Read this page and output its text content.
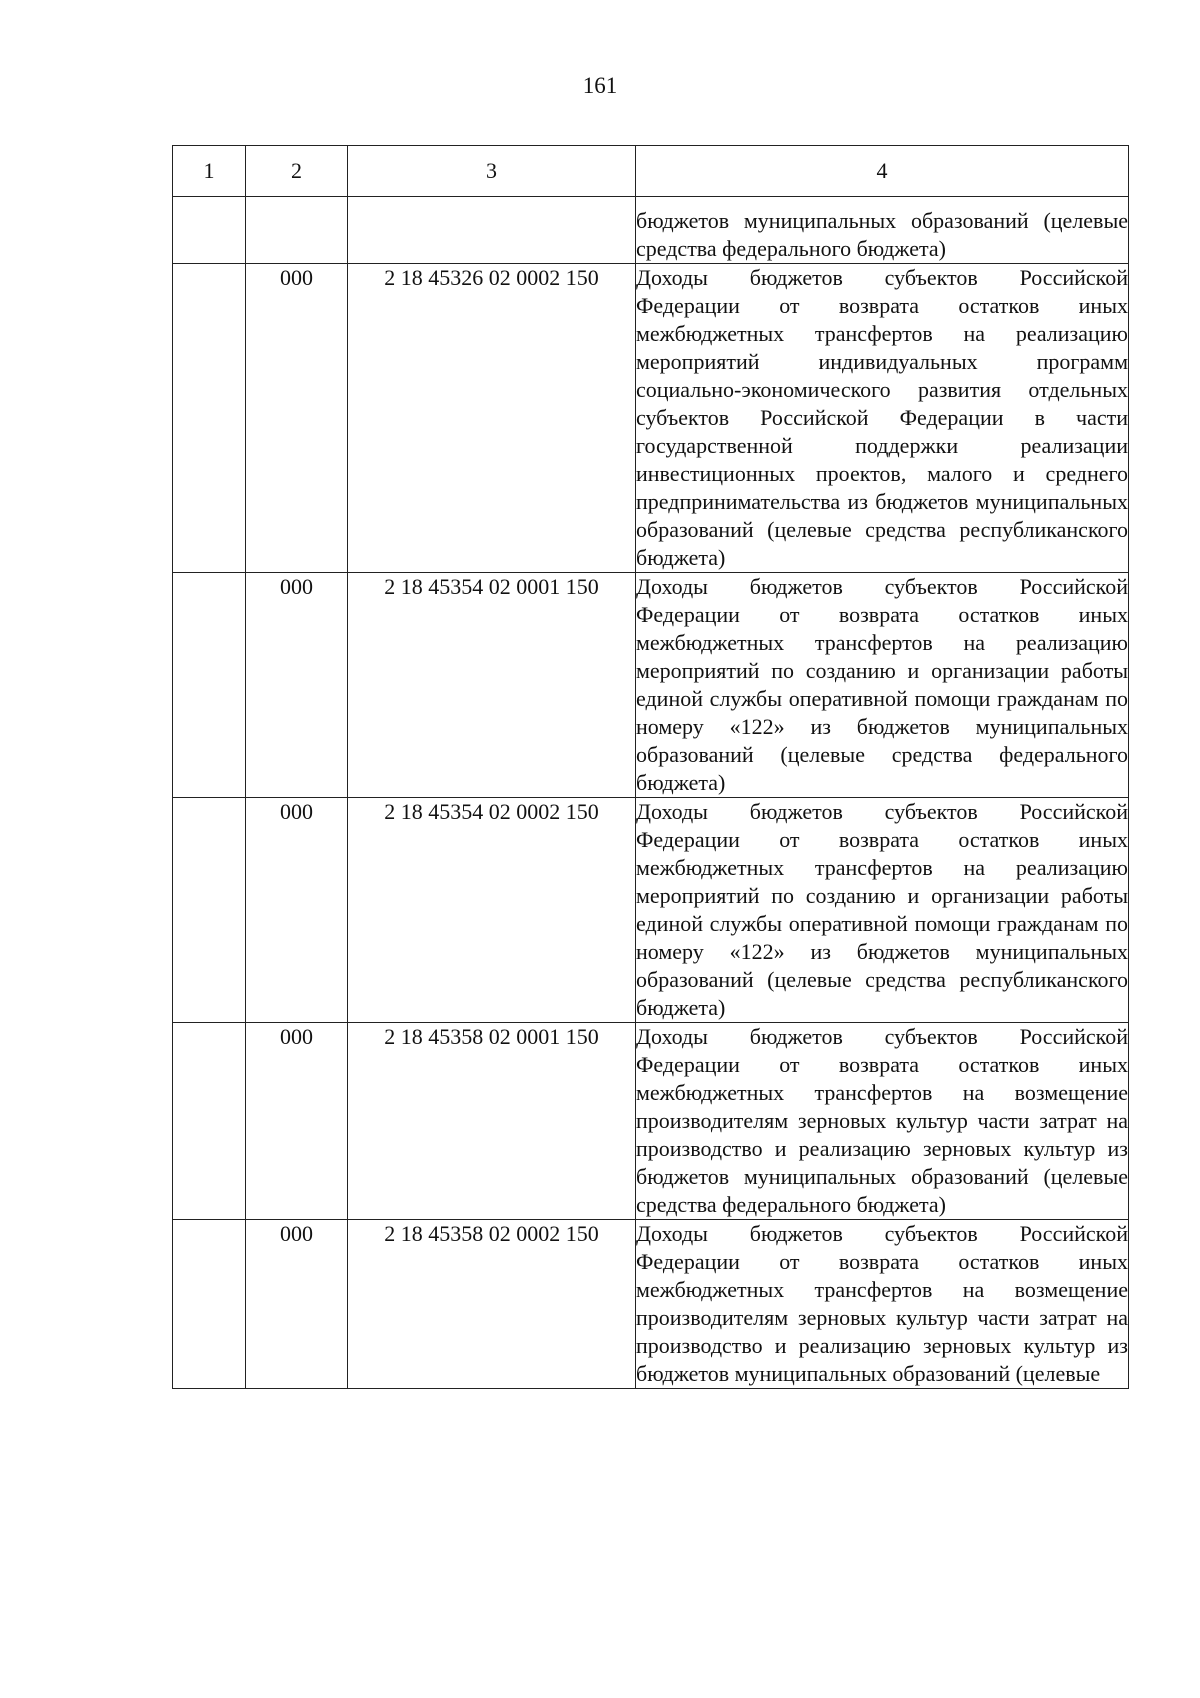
161
1	2	3	4
			бюджетов муниципальных образований (целевые средства федерального бюджета)
	000	2 18 45326 02 0002 150	Доходы бюджетов субъектов Российской Федерации от возврата остатков иных межбюджетных трансфертов на реализацию мероприятий индивидуальных программ социально-экономического развития отдельных субъектов Российской Федерации в части государственной поддержки реализации инвестиционных проектов, малого и среднего предпринимательства из бюджетов муниципальных образований (целевые средства республиканского бюджета)
	000	2 18 45354 02 0001 150	Доходы бюджетов субъектов Российской Федерации от возврата остатков иных межбюджетных трансфертов на реализацию мероприятий по созданию и организации работы единой службы оперативной помощи гражданам по номеру «122» из бюджетов муниципальных образований (целевые средства федерального бюджета)
	000	2 18 45354 02 0002 150	Доходы бюджетов субъектов Российской Федерации от возврата остатков иных межбюджетных трансфертов на реализацию мероприятий по созданию и организации работы единой службы оперативной помощи гражданам по номеру «122» из бюджетов муниципальных образований (целевые средства республиканского бюджета)
	000	2 18 45358 02 0001 150	Доходы бюджетов субъектов Российской Федерации от возврата остатков иных межбюджетных трансфертов на возмещение производителям зерновых культур части затрат на производство и реализацию зерновых культур из бюджетов муниципальных образований (целевые средства федерального бюджета)
	000	2 18 45358 02 0002 150	Доходы бюджетов субъектов Российской Федерации от возврата остатков иных межбюджетных трансфертов на возмещение производителям зерновых культур части затрат на производство и реализацию зерновых культур из бюджетов муниципальных образований (целевые
